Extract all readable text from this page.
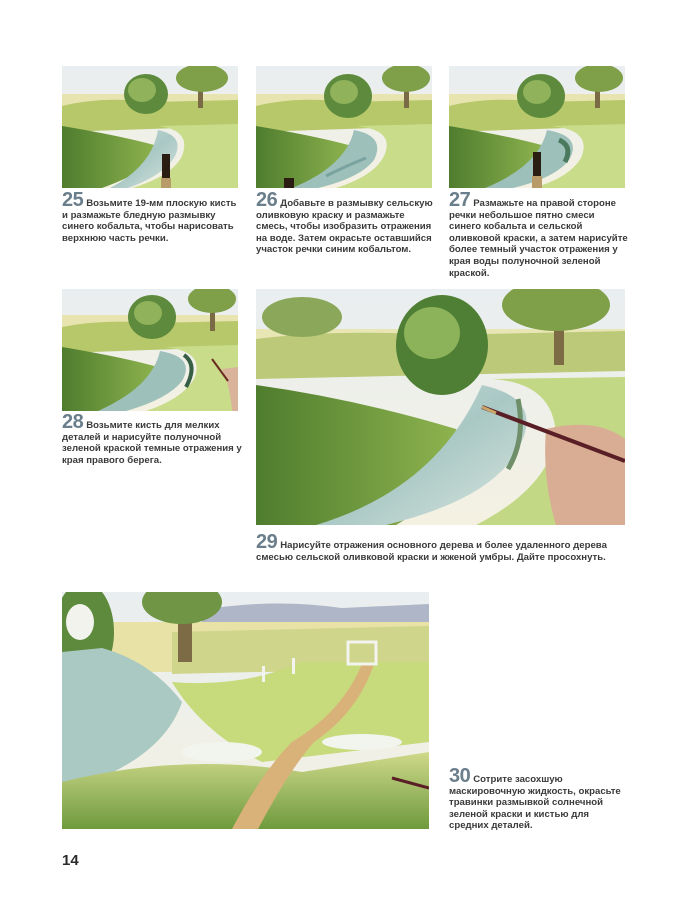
25 Возьмите 19-мм плоскую кисть и размажьте бледную размывку синего кобальта, чтобы нарисовать верхнюю часть речки.
26 Добавьте в размывку сельскую оливковую краску и размажьте смесь, чтобы изобразить отражения на воде. Затем окрасьте оставшийся участок речки синим кобальтом.
27 Размажьте на правой стороне речки небольшое пятно смеси синего кобальта и сельской оливковой краски, а затем нарисуйте более темный участок отражения у края воды полуночной зеленой краской.
28 Возьмите кисть для мелких деталей и нарисуйте полуночной зеленой краской темные отражения у края правого берега.
29 Нарисуйте отражения основного дерева и более удаленного дерева смесью сельской оливковой краски и жженой умбры. Дайте просохнуть.
30 Сотрите засохшую маскировочную жидкость, окрасьте травинки размывкой солнечной зеленой краски и кистью для средних деталей.
14
